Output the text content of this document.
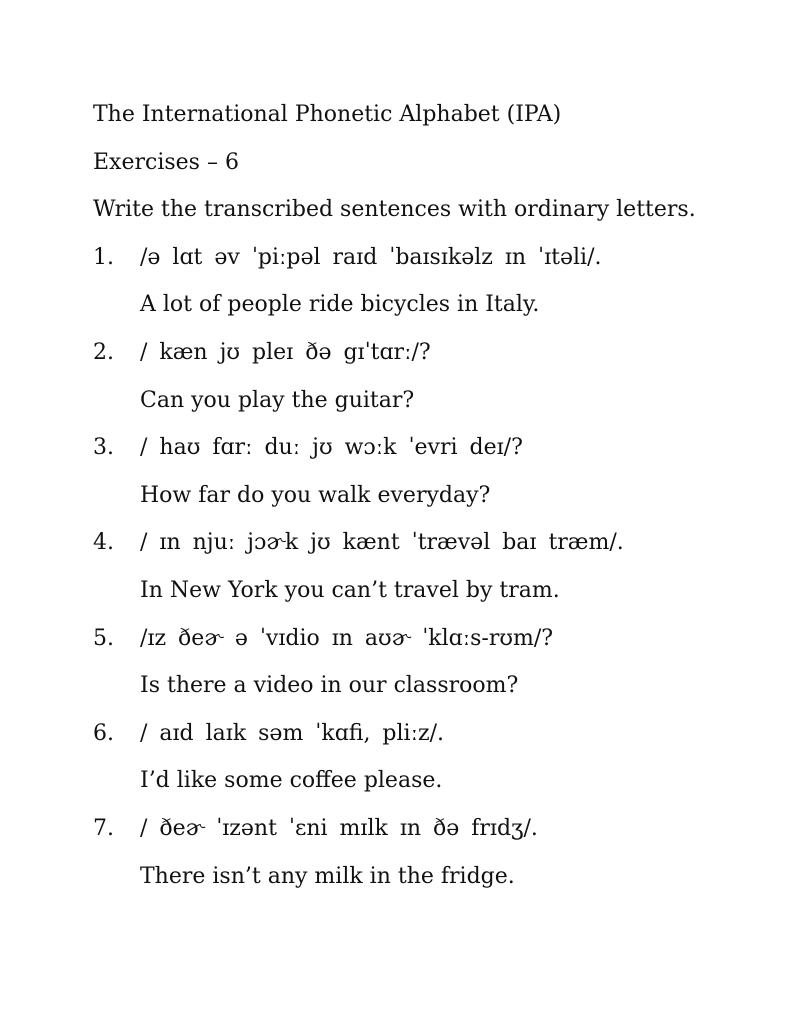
The International Phonetic Alphabet (IPA)
Exercises – 6
Write the transcribed sentences with ordinary letters.
1.	/ə lɑt əv ˈpiːpəl raɪd ˈbaɪsɪkəlz ɪn ˈɪtəli/.
A lot of people ride bicycles in Italy.
2.	/ kæn jʊ pleɪ ðə gɪˈtɑrː/?
Can you play the guitar?
3.	/ haʊ fɑrː duː jʊ wɔːk ˈevri deɪ/?
How far do you walk everyday?
4.	/ ɪn njuː jɔɚk jʊ kænt ˈtrævəl baɪ træm/.
In New York you can’t travel by tram.
5.	/ɪz ðeɚ ə ˈvɪdio ɪn aʊɚ ˈklɑːs-rʊm/?
Is there a video in our classroom?
6.	/ aɪd laɪk səm ˈkɑfi, pliːz/.
I’d like some coffee please.
7.	/ ðeɚ ˈɪzənt ˈɛni mɪlk ɪn ðə frɪdʒ/.
There isn’t any milk in the fridge.
